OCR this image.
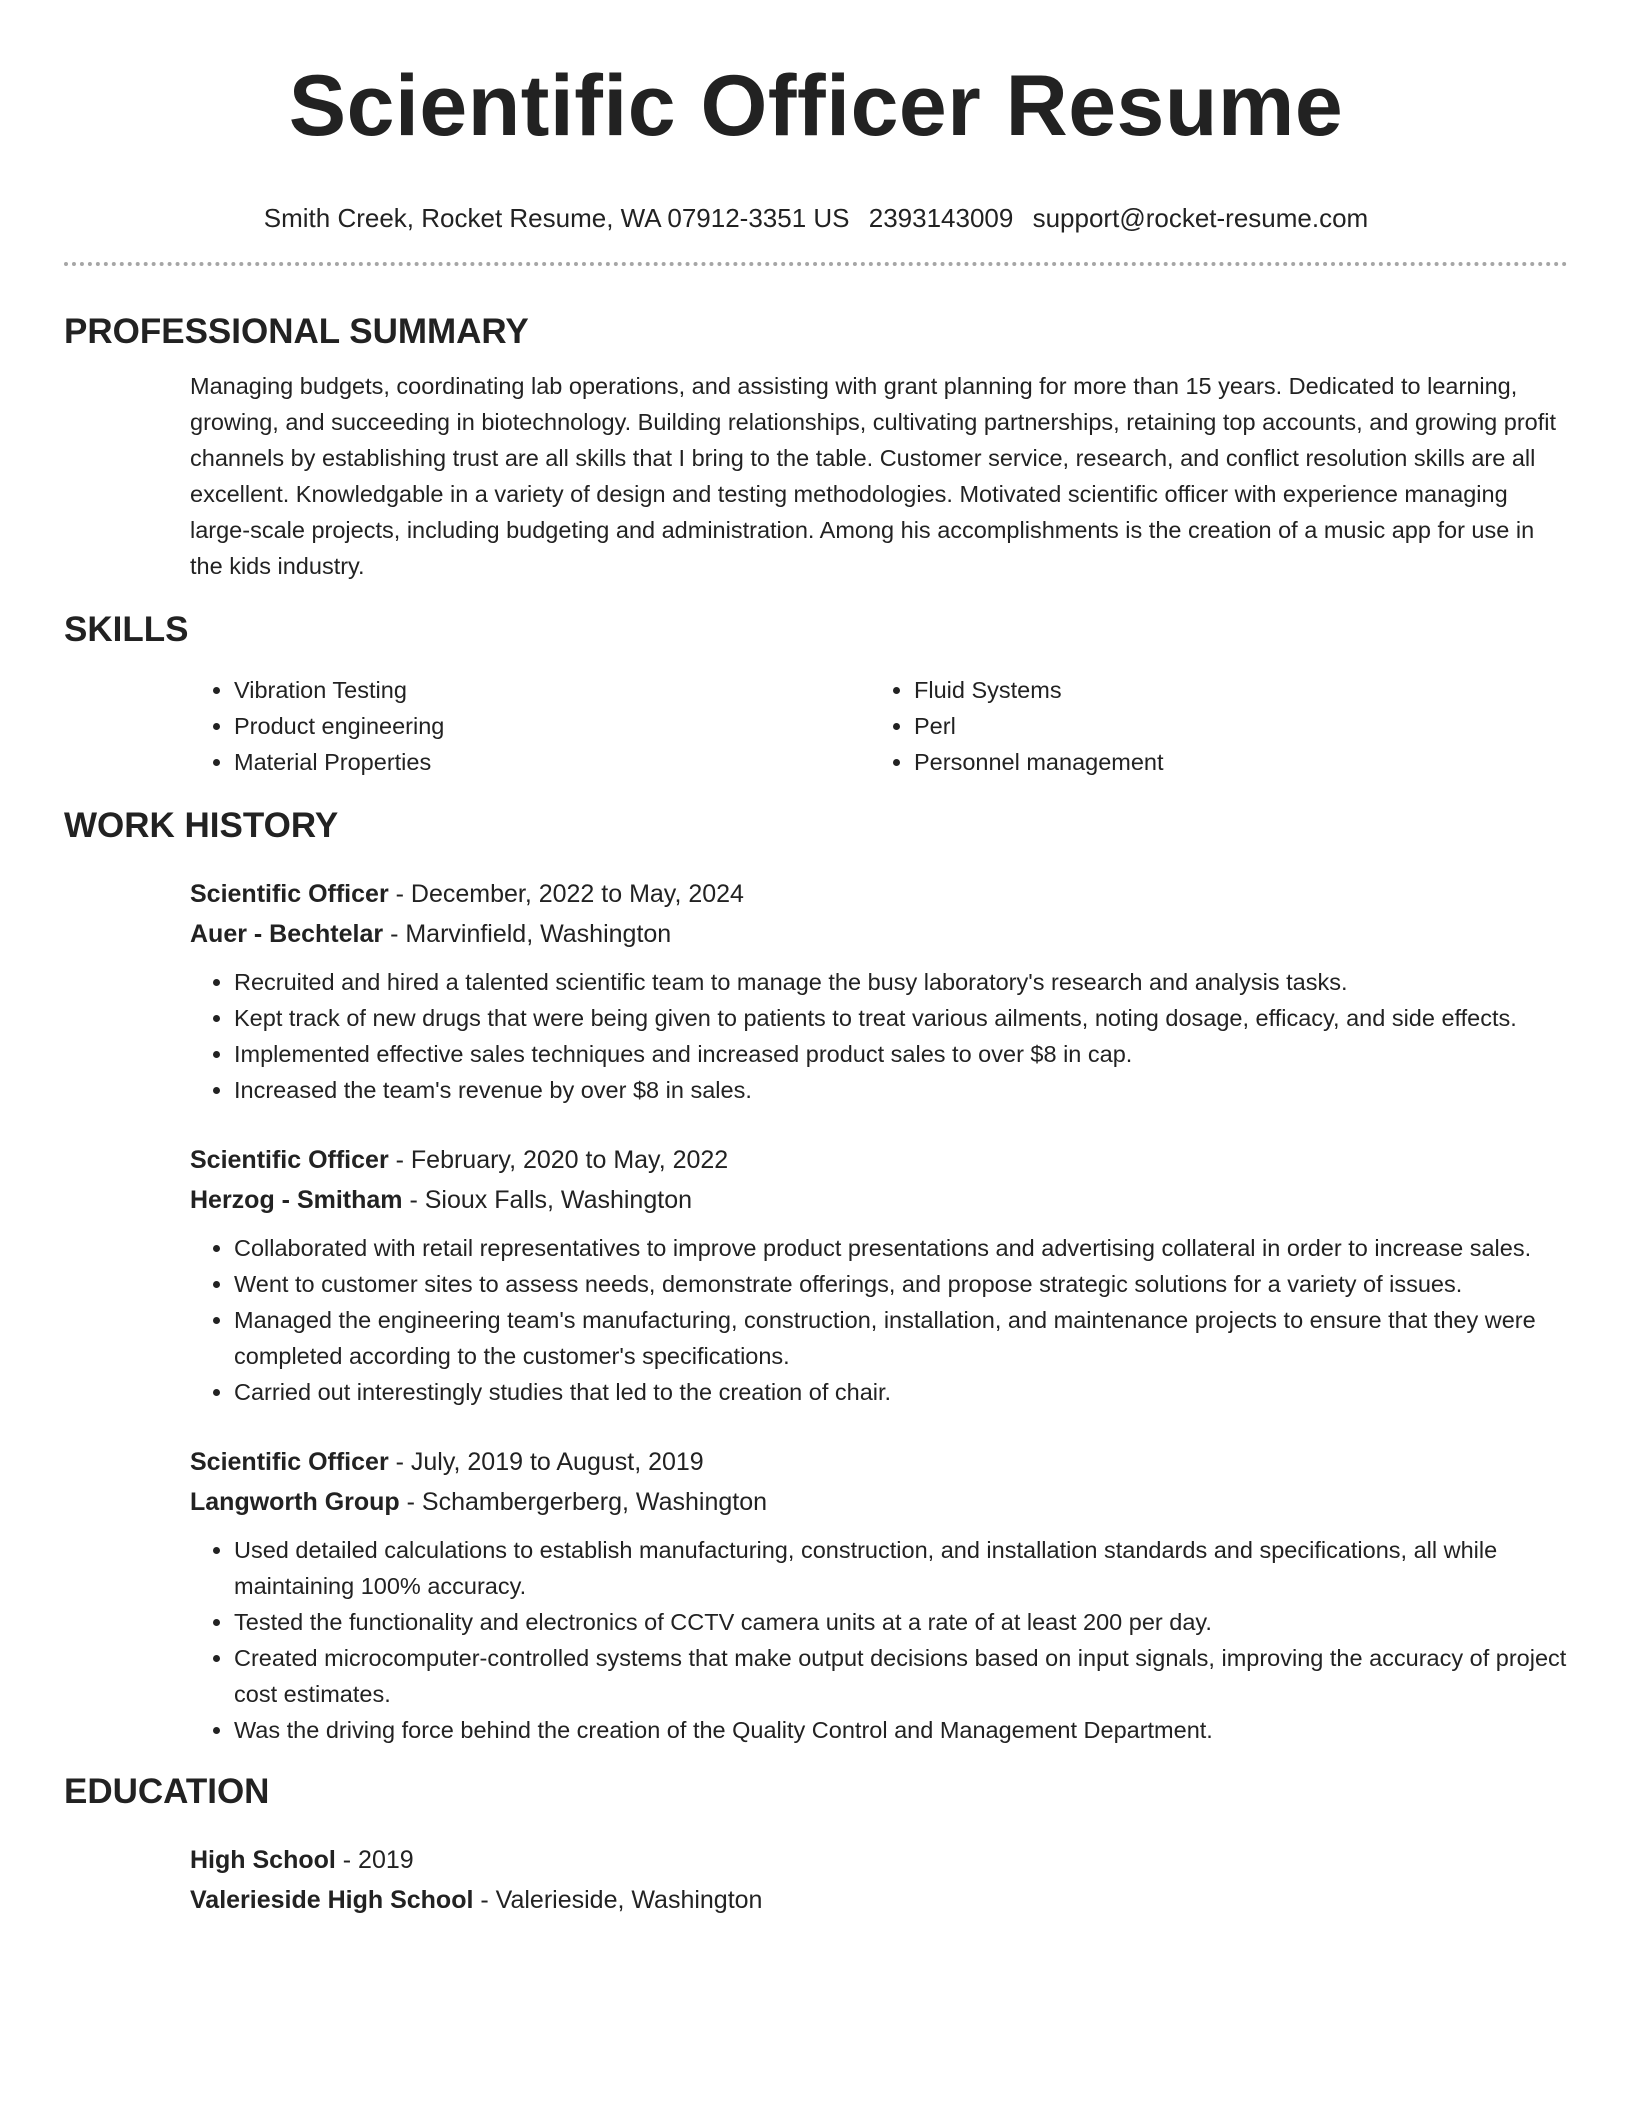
Scientific Officer Resume
Smith Creek, Rocket Resume, WA 07912-3351 US 2393143009 support@rocket-resume.com
PROFESSIONAL SUMMARY
Managing budgets, coordinating lab operations, and assisting with grant planning for more than 15 years. Dedicated to learning, growing, and succeeding in biotechnology. Building relationships, cultivating partnerships, retaining top accounts, and growing profit channels by establishing trust are all skills that I bring to the table. Customer service, research, and conflict resolution skills are all excellent. Knowledgable in a variety of design and testing methodologies. Motivated scientific officer with experience managing large-scale projects, including budgeting and administration. Among his accomplishments is the creation of a music app for use in the kids industry.
SKILLS
• Vibration Testing
• Product engineering
• Material Properties
• Fluid Systems
• Perl
• Personnel management
WORK HISTORY
Scientific Officer - December, 2022 to May, 2024
Auer - Bechtelar - Marvinfield, Washington
• Recruited and hired a talented scientific team to manage the busy laboratory's research and analysis tasks.
• Kept track of new drugs that were being given to patients to treat various ailments, noting dosage, efficacy, and side effects.
• Implemented effective sales techniques and increased product sales to over $8 in cap.
• Increased the team's revenue by over $8 in sales.
Scientific Officer - February, 2020 to May, 2022
Herzog - Smitham - Sioux Falls, Washington
• Collaborated with retail representatives to improve product presentations and advertising collateral in order to increase sales.
• Went to customer sites to assess needs, demonstrate offerings, and propose strategic solutions for a variety of issues.
• Managed the engineering team's manufacturing, construction, installation, and maintenance projects to ensure that they were completed according to the customer's specifications.
• Carried out interestingly studies that led to the creation of chair.
Scientific Officer - July, 2019 to August, 2019
Langworth Group - Schambergerberg, Washington
• Used detailed calculations to establish manufacturing, construction, and installation standards and specifications, all while maintaining 100% accuracy.
• Tested the functionality and electronics of CCTV camera units at a rate of at least 200 per day.
• Created microcomputer-controlled systems that make output decisions based on input signals, improving the accuracy of project cost estimates.
• Was the driving force behind the creation of the Quality Control and Management Department.
EDUCATION
High School - 2019
Valerieside High School - Valerieside, Washington
